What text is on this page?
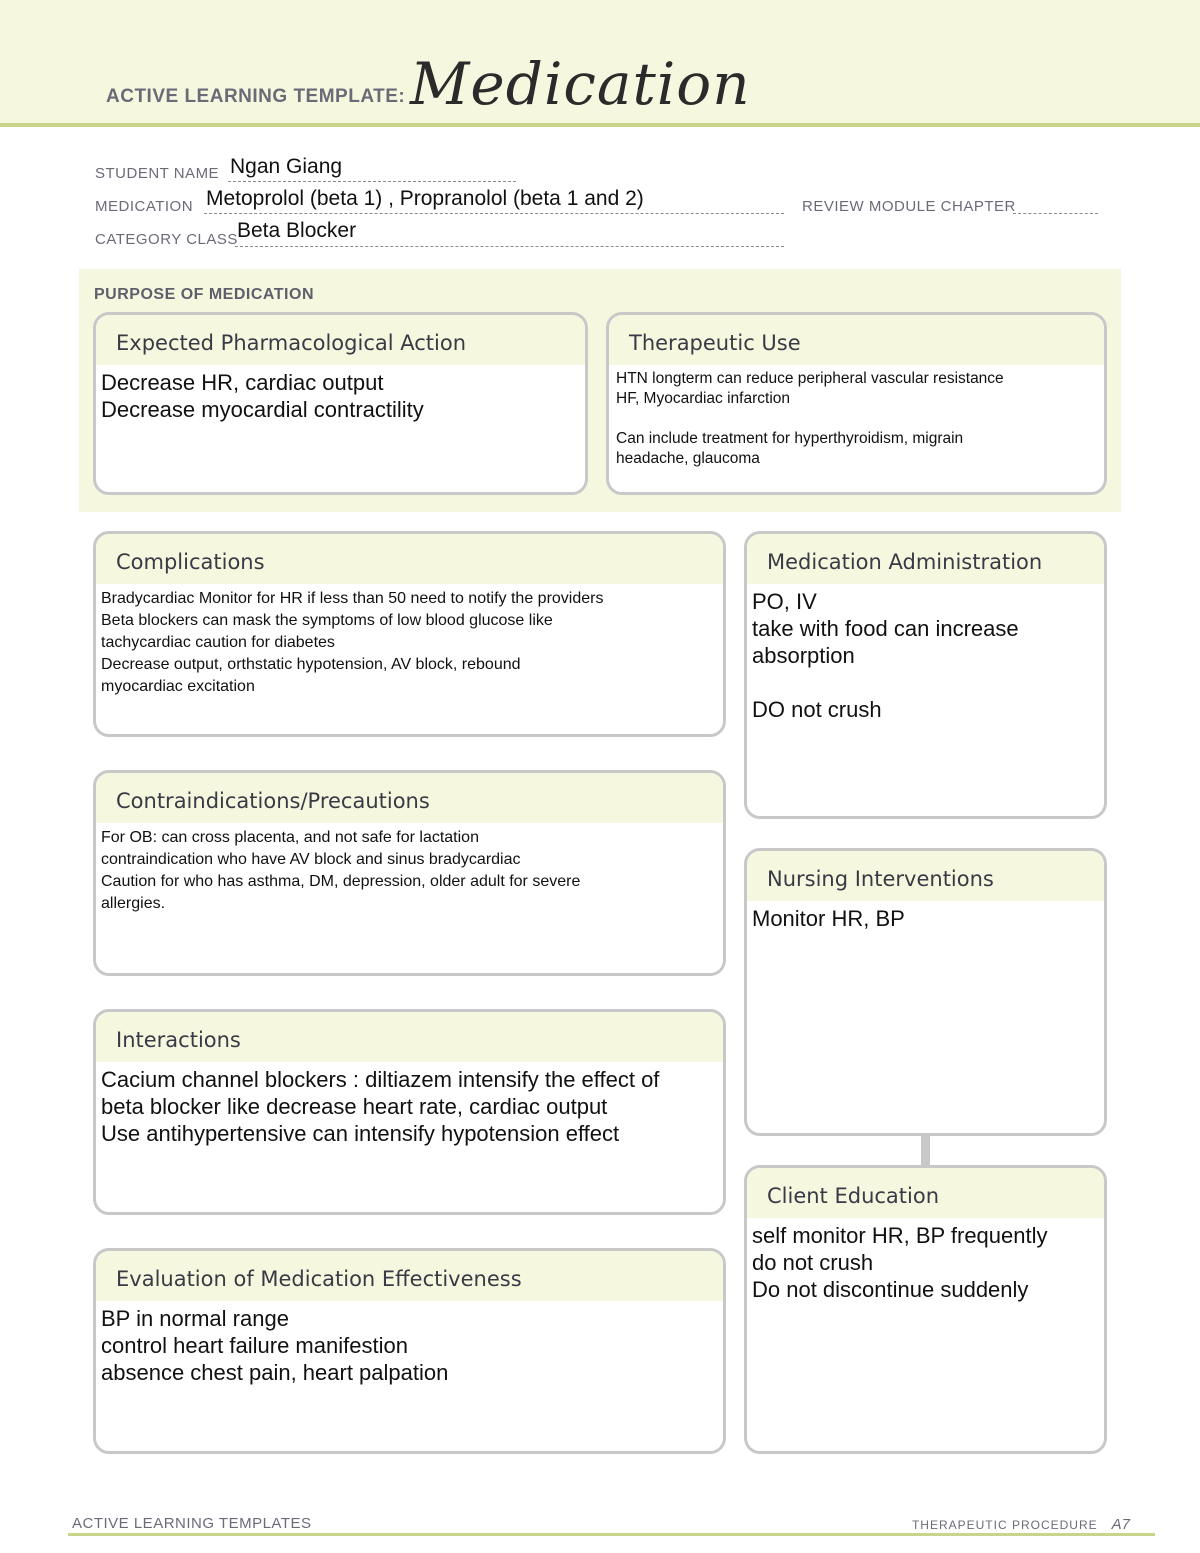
ACTIVE LEARNING TEMPLATE: Medication
STUDENT NAME Ngan Giang
MEDICATION Metoprolol (beta 1) , Propranolol (beta 1 and 2)	REVIEW MODULE CHAPTER
CATEGORY CLASS Beta Blocker
PURPOSE OF MEDICATION
Expected Pharmacological Action
Decrease HR, cardiac output
Decrease myocardial contractility
Therapeutic Use
HTN longterm can reduce peripheral vascular resistance
HF, Myocardiac infarction

Can include treatment for hyperthyroidism, migrain
headache, glaucoma
Complications
Bradycardiac Monitor for HR if less than 50 need to notify the providers
Beta blockers can mask the symptoms of low blood glucose like
tachycardiac caution for diabetes
Decrease output, orthstatic hypotension, AV block, rebound
myocardiac excitation
Contraindications/Precautions
For OB: can cross placenta, and not safe for lactation
contraindication who have AV block and sinus bradycardiac
Caution for who has asthma, DM, depression, older adult for severe
allergies.
Interactions
Cacium channel blockers : diltiazem intensify the effect of
beta blocker like decrease heart rate, cardiac output
Use antihypertensive can intensify hypotension effect
Evaluation of Medication Effectiveness
BP in normal range
control heart failure manifestion
absence chest pain, heart palpation
Medication Administration
PO, IV
take with food can increase
absorption

DO not crush
Nursing Interventions
Monitor HR, BP
Client Education
self monitor HR, BP frequently
do not crush
Do not discontinue suddenly
ACTIVE LEARNING TEMPLATES	THERAPEUTIC PROCEDURE A7
